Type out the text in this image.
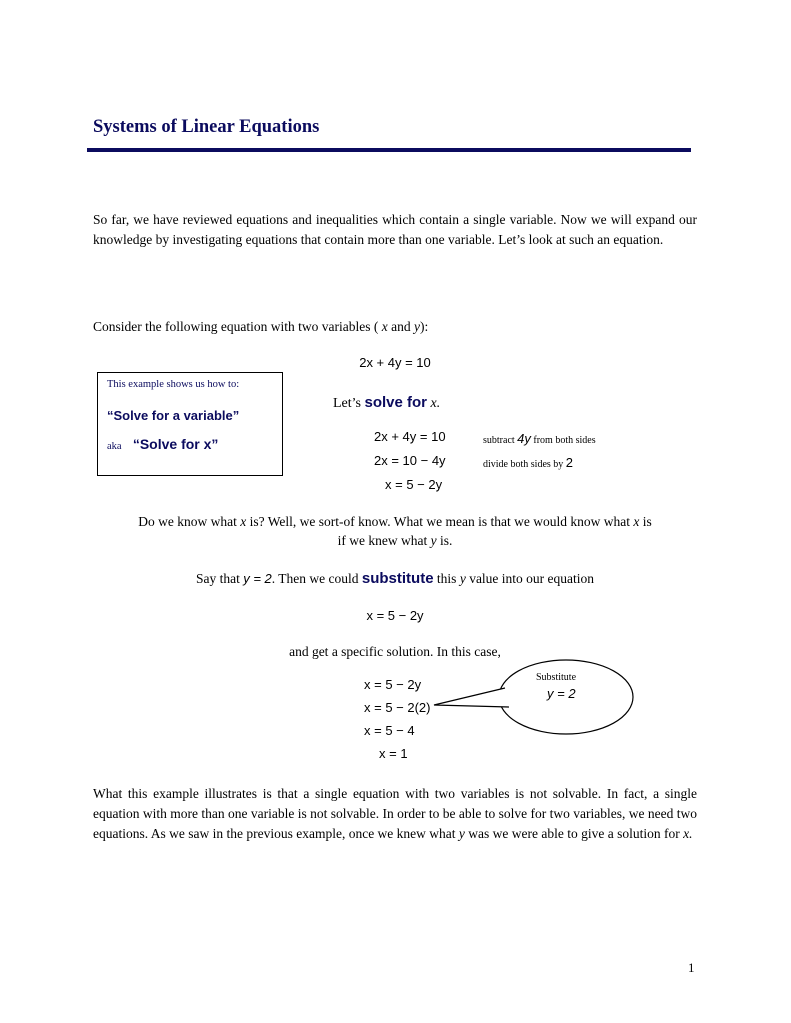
Systems of Linear Equations
So far, we have reviewed equations and inequalities which contain a single variable. Now we will expand our knowledge by investigating equations that contain more than one variable. Let’s look at such an equation.
Consider the following equation with two variables ( x and y):
2x + 4y = 10
This example shows us how to:
“Solve for a variable”
aka “Solve for x”
Let’s solve for x.
2x + 4y = 10	subtract 4y from both sides
2x = 10 − 4y	divide both sides by 2
x = 5 − 2y
Do we know what x is? Well, we sort-of know. What we mean is that we would know what x is
if we knew what y is.
Say that y = 2. Then we could substitute this y value into our equation
x = 5 − 2y
and get a specific solution. In this case,
x = 5 − 2y
x = 5 − 2(2)
x = 5 − 4
x = 1
Substitute
y = 2
What this example illustrates is that a single equation with two variables is not solvable. In fact, a single equation with more than one variable is not solvable. In order to be able to solve for two variables, we need two equations. As we saw in the previous example, once we knew what y was we were able to give a solution for x.
1
